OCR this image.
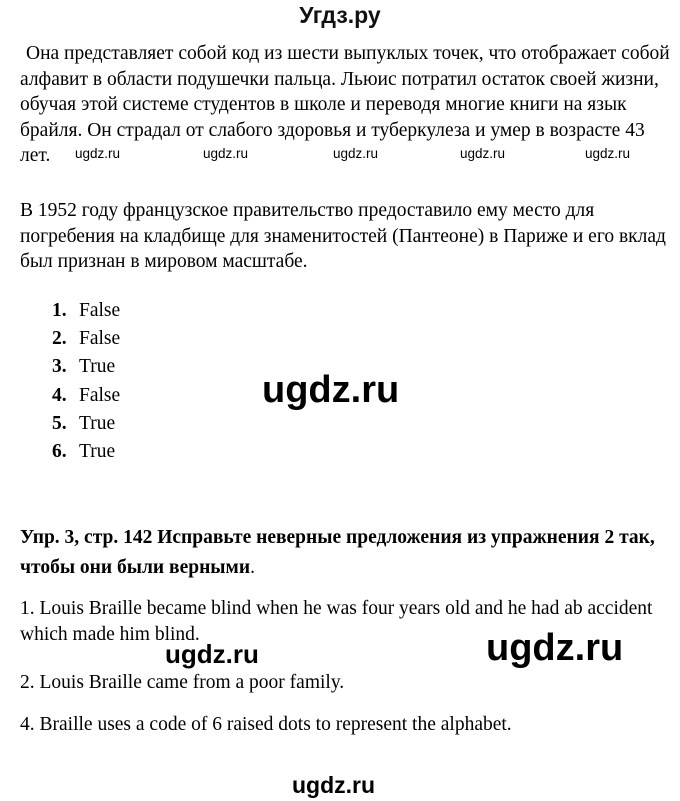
Угдз.ру

Она представляет собой код из шести выпуклых точек, что отображает собой алфавит в области подушечки пальца. Льюис потратил остаток своей жизни, обучая этой системе студентов в школе и переводя многие книги на язык брайля. Он страдал от слабого здоровья и туберкулеза и умер в возрасте 43 лет.	ugdz.ru	ugdz.ru	ugdz.ru	ugdz.ru	ugdz.ru

В 1952 году французское правительство предоставило ему место для погребения на кладбище для знаменитостей (Пантеоне) в Париже и его вклад был признан в мировом масштабе.

1. False
2. False
3. True
4. False
5. True
6. True
ugdz.ru

Упр. 3, стр. 142 Исправьте неверные предложения из упражнения 2 так, чтобы они были верными.

1. Louis Braille became blind when he was four years old and he had ab accident which made him blind.	ugdz.ru
ugdz.ru

2. Louis Braille came from a poor family.

4. Braille uses a code of 6 raised dots to represent the alphabet.

ugdz.ru
